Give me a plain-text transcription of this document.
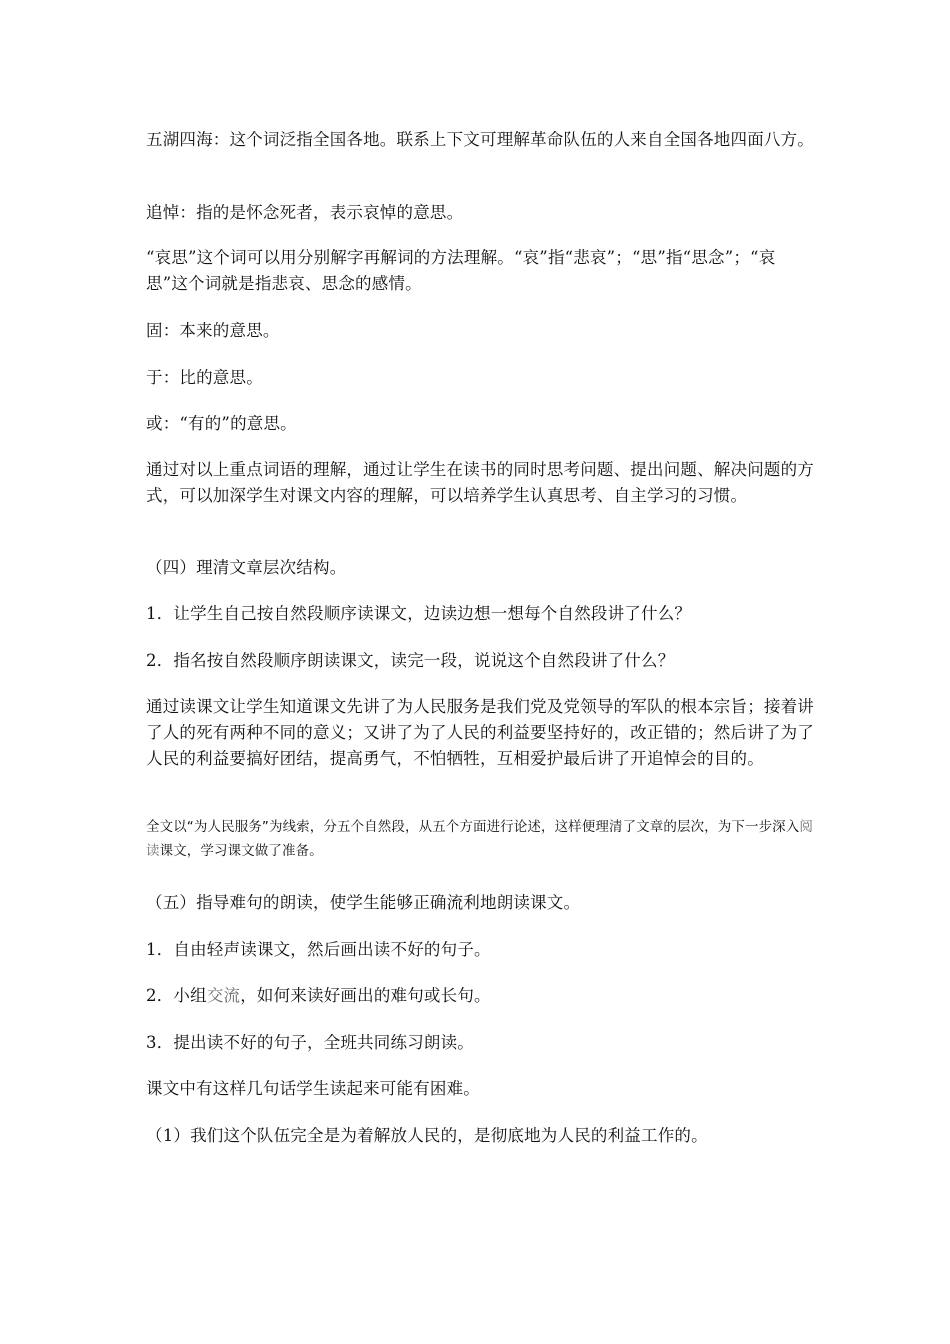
五湖四海：这个词泛指全国各地。联系上下文可理解革命队伍的人来自全国各地四面八方。

追悼：指的是怀念死者，表示哀悼的意思。

“哀思”这个词可以用分别解字再解词的方法理解。“哀”指“悲哀”；“思”指“思念”；“哀思”这个词就是指悲哀、思念的感情。

固：本来的意思。

于：比的意思。

或：“有的”的意思。

通过对以上重点词语的理解，通过让学生在读书的同时思考问题、提出问题、解决问题的方式，可以加深学生对课文内容的理解，可以培养学生认真思考、自主学习的习惯。

（四）理清文章层次结构。

1．让学生自己按自然段顺序读课文，边读边想一想每个自然段讲了什么？

2．指名按自然段顺序朗读课文，读完一段，说说这个自然段讲了什么？

通过读课文让学生知道课文先讲了为人民服务是我们党及党领导的军队的根本宗旨；接着讲了人的死有两种不同的意义；又讲了为了人民的利益要坚持好的，改正错的；然后讲了为了人民的利益要搞好团结，提高勇气，不怕牺牲，互相爱护最后讲了开追悼会的目的。

全文以“为人民服务”为线索，分五个自然段，从五个方面进行论述，这样便理清了文章的层次，为下一步深入阅读课文，学习课文做了准备。

（五）指导难句的朗读，使学生能够正确流利地朗读课文。

1．自由轻声读课文，然后画出读不好的句子。

2．小组交流，如何来读好画出的难句或长句。

3．提出读不好的句子，全班共同练习朗读。

课文中有这样几句话学生读起来可能有困难。

（1）我们这个队伍完全是为着解放人民的，是彻底地为人民的利益工作的。
